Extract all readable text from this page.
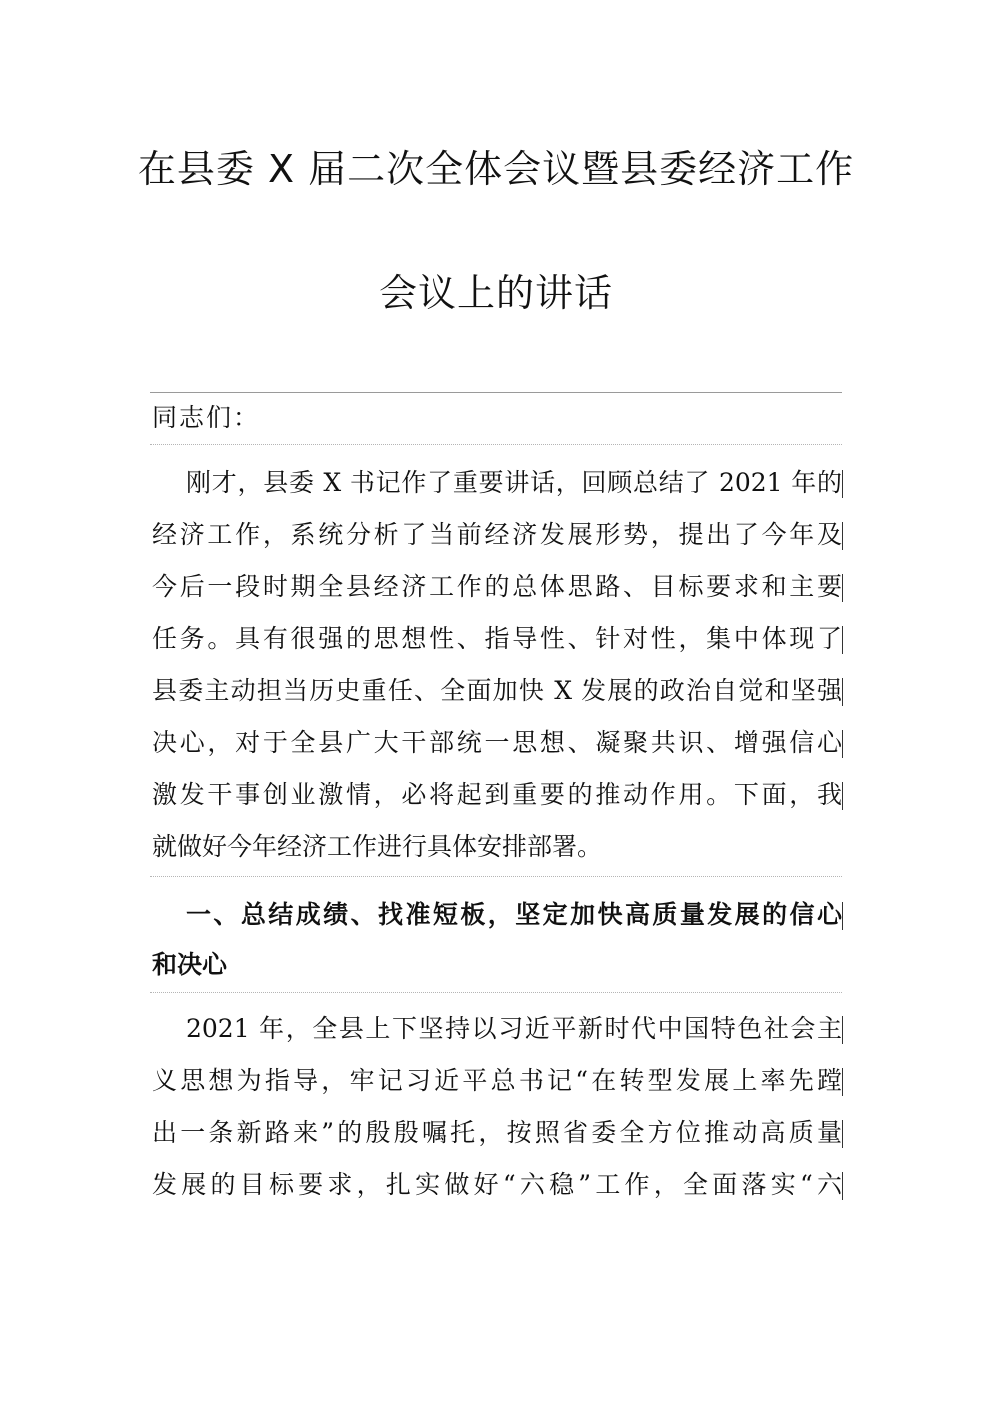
在县委 X 届二次全体会议暨县委经济工作
会议上的讲话
同志们：
刚才，县委 X 书记作了重要讲话，回顾总结了 2021 年的
经济工作，系统分析了当前经济发展形势，提出了今年及
今后一段时期全县经济工作的总体思路、目标要求和主要
任务。具有很强的思想性、指导性、针对性，集中体现了
县委主动担当历史重任、全面加快 X 发展的政治自觉和坚强
决心，对于全县广大干部统一思想、凝聚共识、增强信心
激发干事创业激情，必将起到重要的推动作用。下面，我
就做好今年经济工作进行具体安排部署。
一、总结成绩、找准短板，坚定加快高质量发展的信心
和决心
2021 年，全县上下坚持以习近平新时代中国特色社会主
义思想为指导，牢记习近平总书记“在转型发展上率先蹚
出一条新路来”的殷殷嘱托，按照省委全方位推动高质量
发展的目标要求，扎实做好“六稳”工作，全面落实“六
